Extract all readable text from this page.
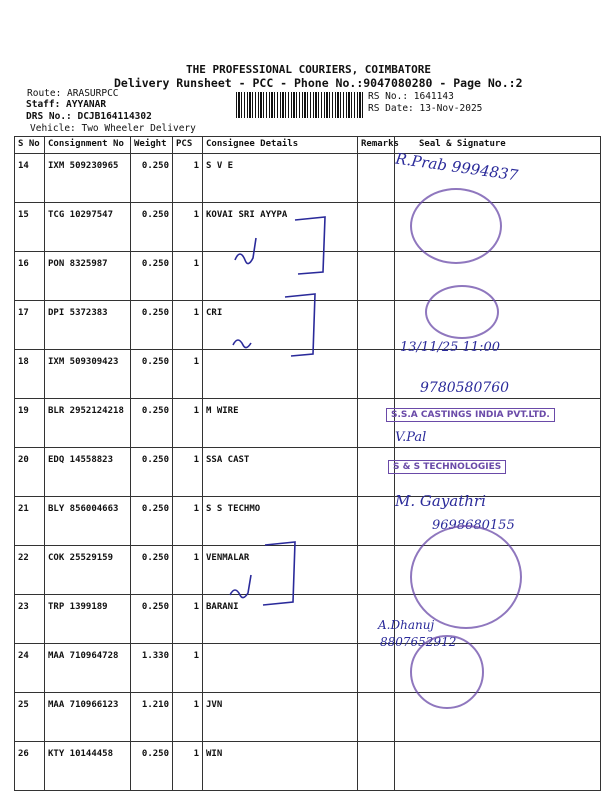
THE PROFESSIONAL COURIERS, COIMBATORE
Delivery Runsheet - PCC - Phone No.:9047080280 - Page No.:2
Route: ARASURPCC
Staff: AYYANAR
DRS No.: DCJB164114302
Vehicle: Two Wheeler Delivery
RS No.: 1641143
RS Date: 13-Nov-2025
S No	Consignment No	Weight	PCS	Consignee Details	Remarks	Seal & Signature
14	IXM 509230965	0.250	1	S V E		
15	TCG 10297547	0.250	1	KOVAI SRI AYYPA		
16	PON 8325987	0.250	1			
17	DPI 5372383	0.250	1	CRI		
18	IXM 509309423	0.250	1			
19	BLR 2952124218	0.250	1	M WIRE		
20	EDQ 14558823	0.250	1	SSA CAST		
21	BLY 856004663	0.250	1	S S TECHMO		
22	COK 25529159	0.250	1	VENMALAR		
23	TRP 1399189	0.250	1	BARANI		
24	MAA 710964728	1.330	1			
25	MAA 710966123	1.210	1	JVN		
26	KTY 10144458	0.250	1	WIN		
R.Prab 9994837
9780580760
V.Pal
M. Gayathri
9698680155
A.Dhanuj
8807652912
13/11/25 11:00
S.S.A CASTINGS INDIA PVT.LTD.
S & S TECHNOLOGIES
